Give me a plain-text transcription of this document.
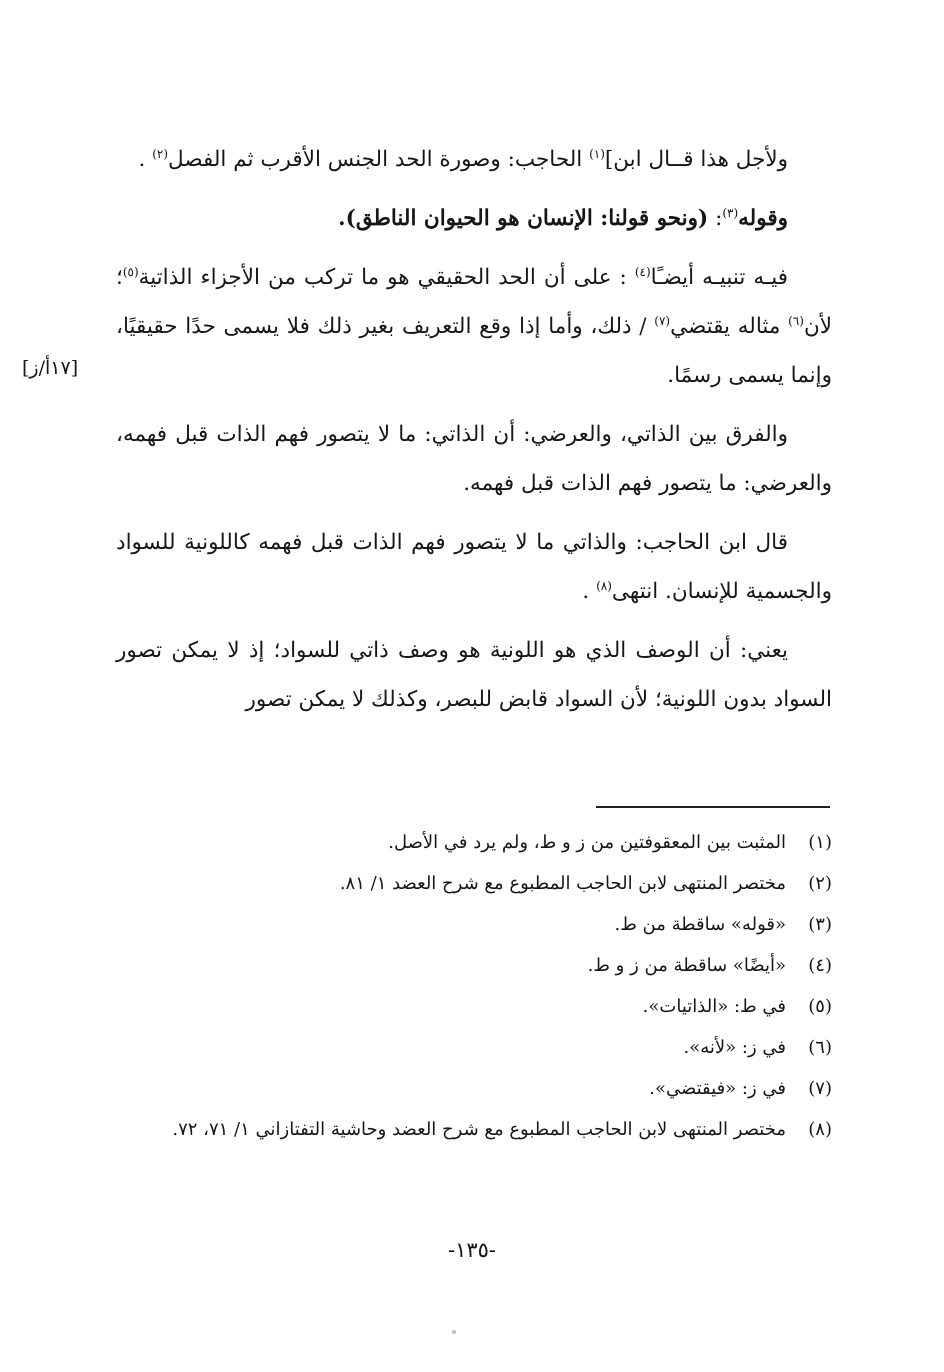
[١٧أ/ز]

ولأجل هذا قــال ابن]$^{(١)}$ الحاجب: وصورة الحد الجنس الأقرب ثم الفصل$^{(٢)}$ .

وقوله$^{(٣)}$: (ونحو قولنا: الإنسان هو الحيوان الناطق).

فيـه تنبيـه أيضـًا$^{(٤)}$ : على أن الحد الحقيقي هو ما تركب من الأجزاء الذاتية$^{(٥)}$؛ لأن$^{(٦)}$ مثاله يقتضي$^{(٧)}$ / ذلك، وأما إذا وقع التعريف بغير ذلك فلا يسمى حدًا حقيقيًا، وإنما يسمى رسمًا.

والفرق بين الذاتي، والعرضي: أن الذاتي: ما لا يتصور فهم الذات قبل فهمه، والعرضي: ما يتصور فهم الذات قبل فهمه.

قال ابن الحاجب: والذاتي ما لا يتصور فهم الذات قبل فهمه كاللونية للسواد والجسمية للإنسان. انتهى$^{(٨)}$ .

يعني: أن الوصف الذي هو اللونية هو وصف ذاتي للسواد؛ إذ لا يمكن تصور السواد بدون اللونية؛ لأن السواد قابض للبصر، وكذلك لا يمكن تصور

(١)
المثبت بين المعقوفتين من ز و ط، ولم يرد في الأصل.
(٢)
مختصر المنتهى لابن الحاجب المطبوع مع شرح العضد ١/ ٨١.
(٣)
«قوله» ساقطة من ط.
(٤)
«أيضًا» ساقطة من ز و ط.
(٥)
في ط: «الذاتيات».
(٦)
في ز: «لأنه».
(٧)
في ز: «فيقتضي».
(٨)
مختصر المنتهى لابن الحاجب المطبوع مع شرح العضد وحاشية التفتازاني ١/ ٧١، ٧٢.
-١٣٥-
